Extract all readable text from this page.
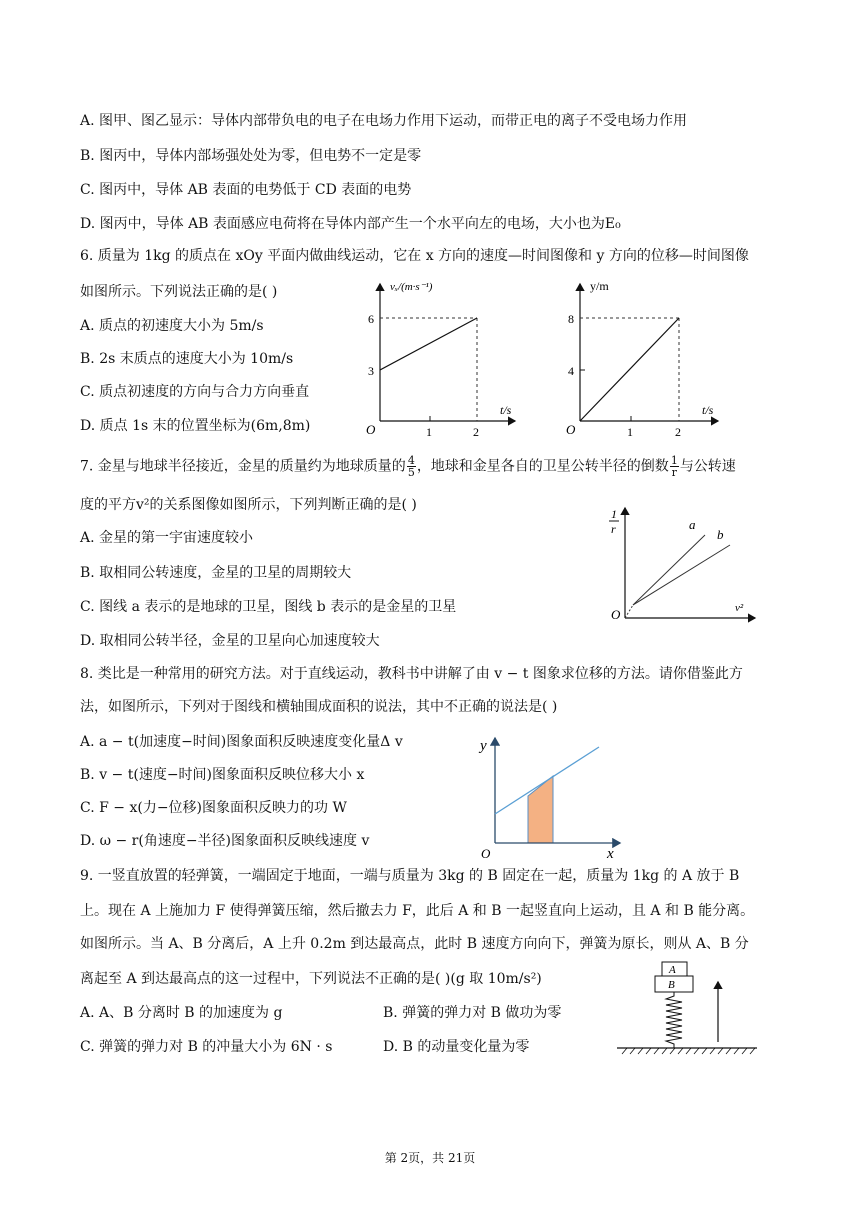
A. 图甲、图乙显示：导体内部带负电的电子在电场力作用下运动，而带正电的离子不受电场力作用
B. 图丙中，导体内部场强处处为零，但电势不一定是零
C. 图丙中，导体 AB 表面的电势低于 CD 表面的电势
D. 图丙中，导体 AB 表面感应电荷将在导体内部产生一个水平向左的电场，大小也为E₀
6. 质量为 1kg 的质点在 xOy 平面内做曲线运动，它在 x 方向的速度—时间图像和 y 方向的位移—时间图像
如图所示。下列说法正确的是( )
A. 质点的初速度大小为 5m/s
B. 2s 末质点的速度大小为 10m/s
C. 质点初速度的方向与合力方向垂直
D. 质点 1s 末的位置坐标为(6m,8m)
7. 金星与地球半径接近，金星的质量约为地球质量的 $\frac{4}{5}$ ，地球和金星各自的卫星公转半径的倒数 $\frac{1}{r}$ 与公转速
度的平方v²的关系图像如图所示，下列判断正确的是( )
A. 金星的第一宇宙速度较小
B. 取相同公转速度，金星的卫星的周期较大
C. 图线 a 表示的是地球的卫星，图线 b 表示的是金星的卫星
D. 取相同公转半径，金星的卫星向心加速度较大
8. 类比是一种常用的研究方法。对于直线运动，教科书中讲解了由 v − t 图象求位移的方法。请你借鉴此方
法，如图所示，下列对于图线和横轴围成面积的说法，其中不正确的说法是( )
A. a − t(加速度−时间)图象面积反映速度变化量Δ v
B. v − t(速度−时间)图象面积反映位移大小 x
C. F − x(力−位移)图象面积反映力的功 W
D. ω − r(角速度−半径)图象面积反映线速度 v
9. 一竖直放置的轻弹簧，一端固定于地面，一端与质量为 3kg 的 B 固定在一起，质量为 1kg 的 A 放于 B
上。现在 A 上施加力 F 使得弹簧压缩，然后撤去力 F，此后 A 和 B 一起竖直向上运动，且 A 和 B 能分离。
如图所示。当 A、B 分离后，A 上升 0.2m 到达最高点，此时 B 速度方向向下，弹簧为原长，则从 A、B 分
离起至 A 到达最高点的这一过程中，下列说法不正确的是( )(g 取 10m/s²)
A. A、B 分离时 B 的加速度为 g	B. 弹簧的弹力对 B 做功为零
C. 弹簧的弹力对 B 的冲量大小为 6N · s	D. B 的动量变化量为零
vₓ/(m·s⁻¹)
t/s
O	1	2
3
6
y/m
t/s
O	1	2
4
8
1
r
v²
O
a
b
y
x
O
A
B
第 2页，共 21页
